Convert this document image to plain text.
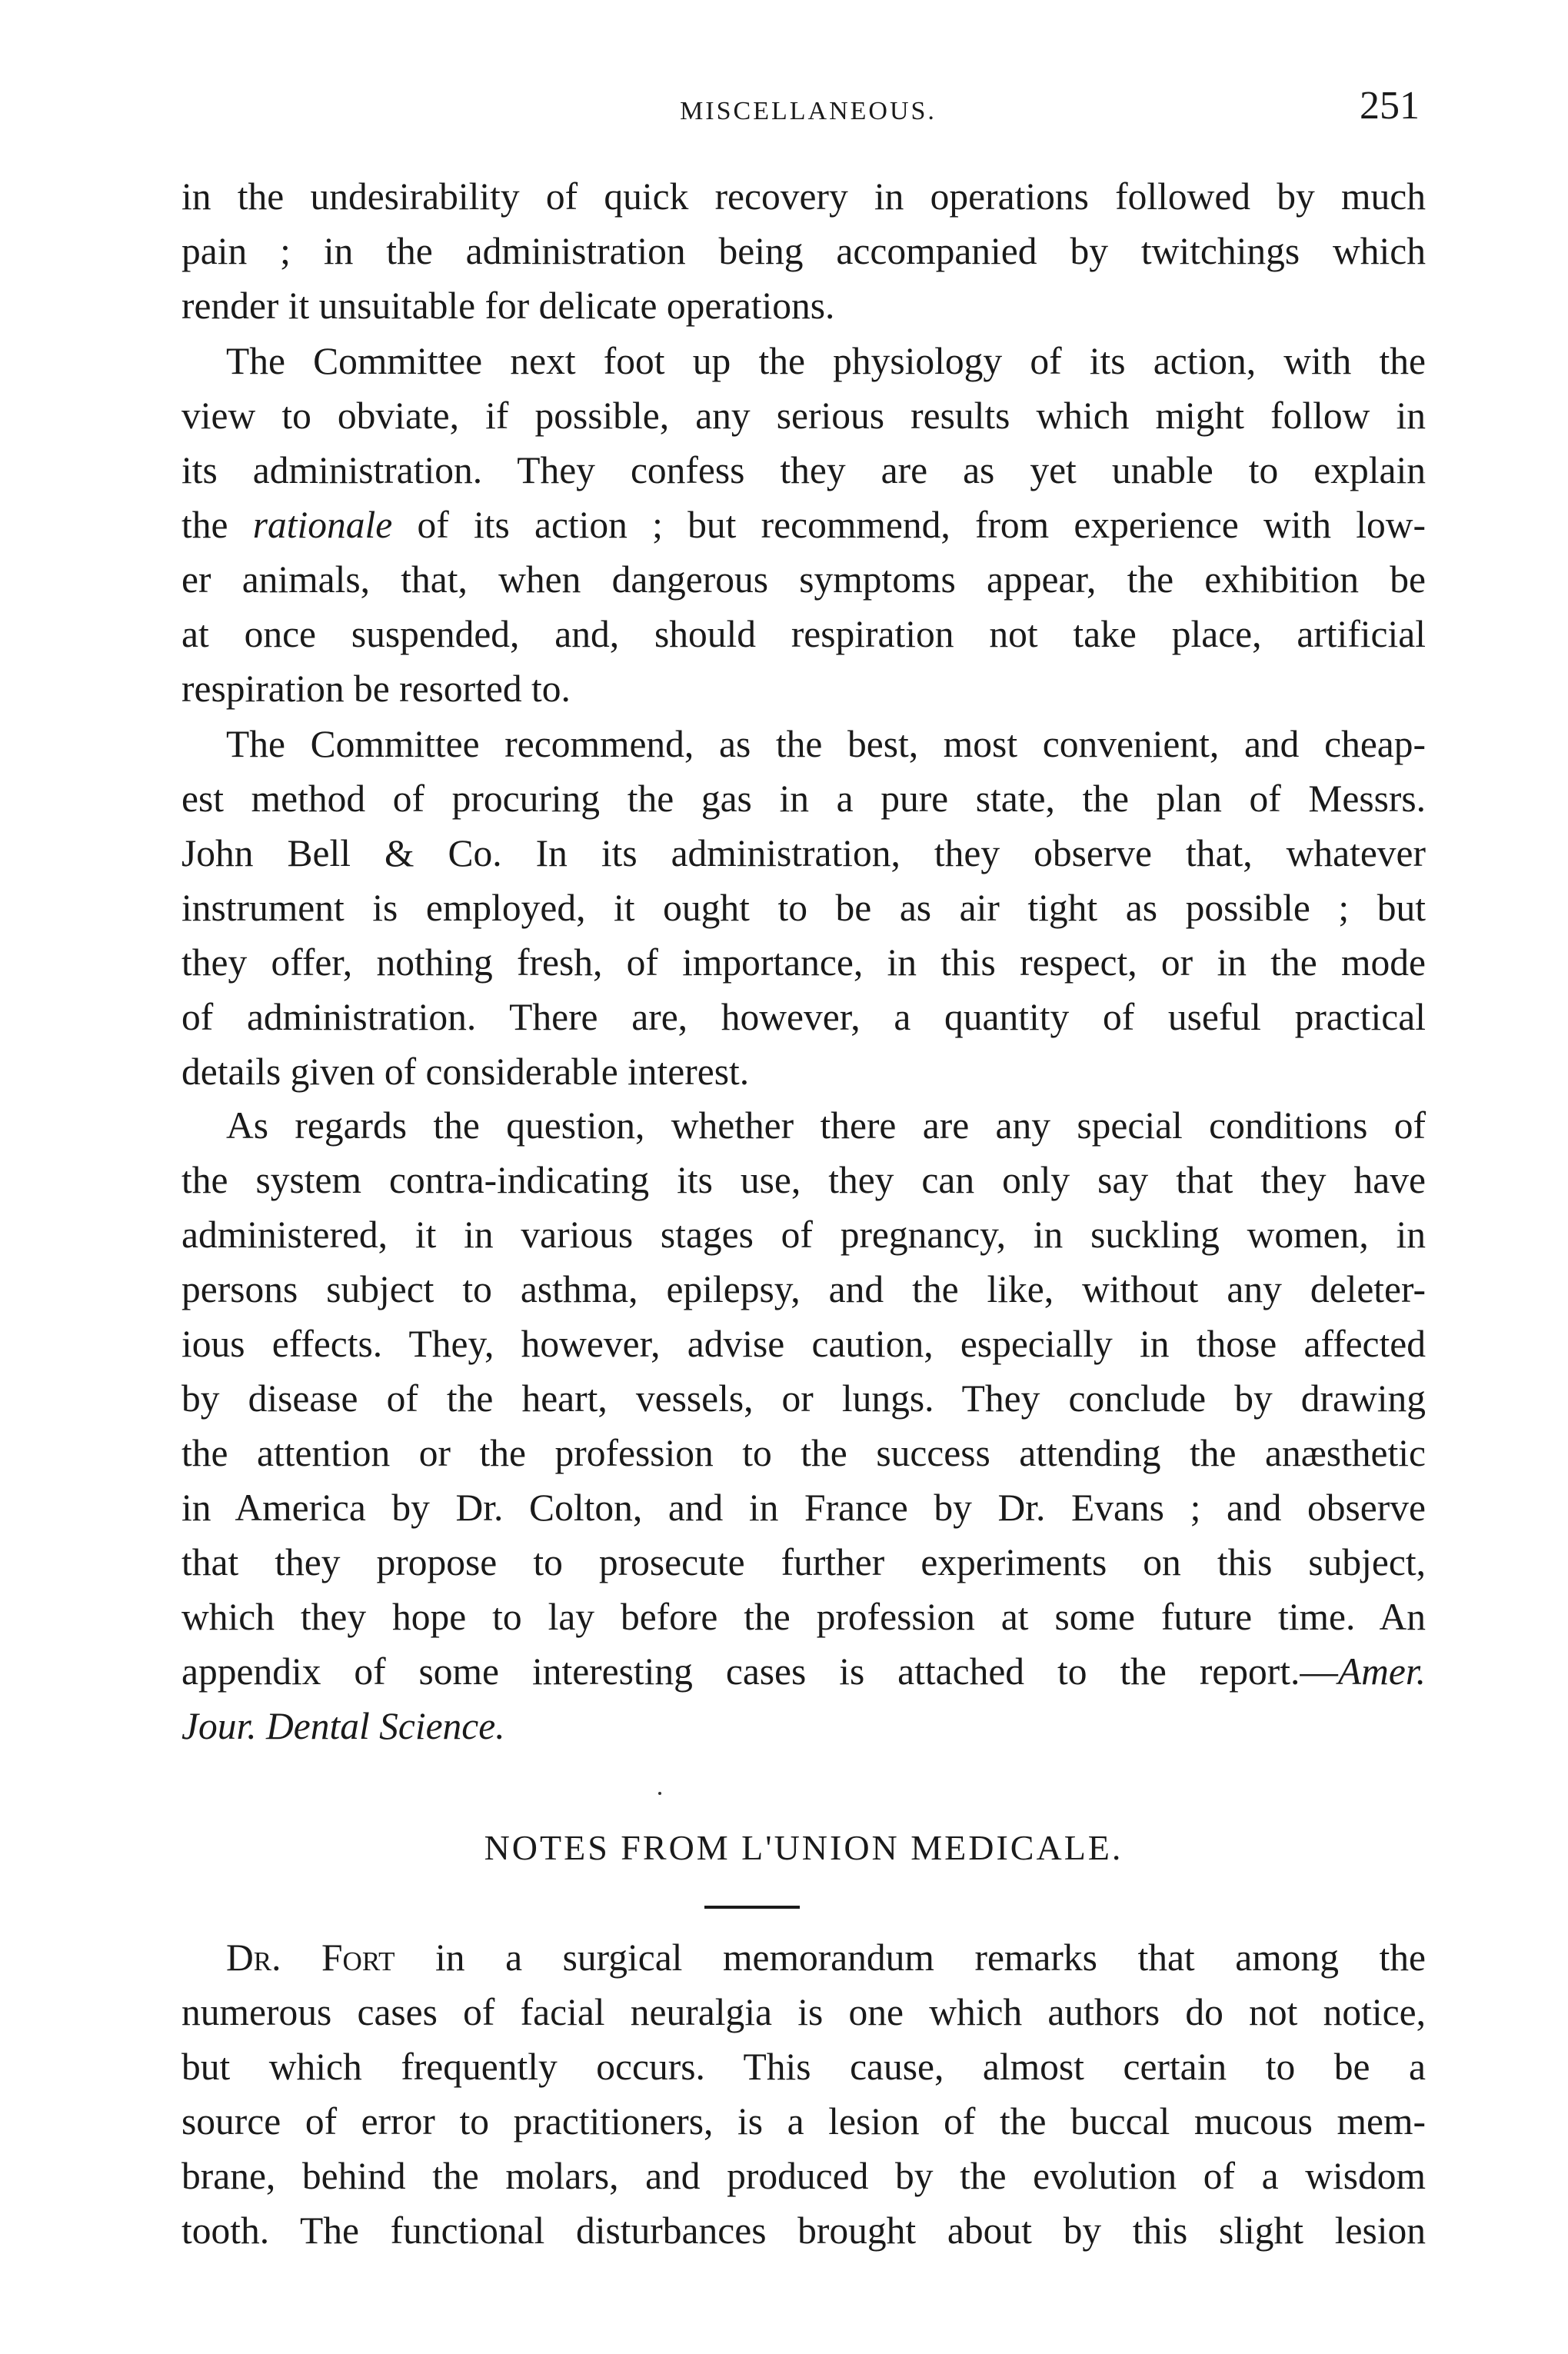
MISCELLANEOUS.	251
in the undesirability of quick recovery in operations followed by much
pain ; in the administration being accompanied by twitchings which
render it unsuitable for delicate operations.
The Committee next foot up the physiology of its action, with the
view to obviate, if possible, any serious results which might follow in
its administration. They confess they are as yet unable to explain
the rationale of its action ; but recommend, from experience with low-
er animals, that, when dangerous symptoms appear, the exhibition be
at once suspended, and, should respiration not take place, artificial
respiration be resorted to.
The Committee recommend, as the best, most convenient, and cheap-
est method of procuring the gas in a pure state, the plan of Messrs.
John Bell & Co. In its administration, they observe that, whatever
instrument is employed, it ought to be as air tight as possible ; but
they offer, nothing fresh, of importance, in this respect, or in the mode
of administration. There are, however, a quantity of useful practical
details given of considerable interest.
As regards the question, whether there are any special conditions of
the system contra-indicating its use, they can only say that they have
administered, it in various stages of pregnancy, in suckling women, in
persons subject to asthma, epilepsy, and the like, without any deleter-
ious effects. They, however, advise caution, especially in those affected
by disease of the heart, vessels, or lungs. They conclude by drawing
the attention or the profession to the success attending the anæsthetic
in America by Dr. Colton, and in France by Dr. Evans ; and observe
that they propose to prosecute further experiments on this subject,
which they hope to lay before the profession at some future time. An
appendix of some interesting cases is attached to the report.—Amer.
Jour. Dental Science.
NOTES FROM L'UNION MEDICALE.
Dr. Fort in a surgical memorandum remarks that among the
numerous cases of facial neuralgia is one which authors do not notice,
but which frequently occurs. This cause, almost certain to be a
source of error to practitioners, is a lesion of the buccal mucous mem-
brane, behind the molars, and produced by the evolution of a wisdom
tooth. The functional disturbances brought about by this slight lesion
